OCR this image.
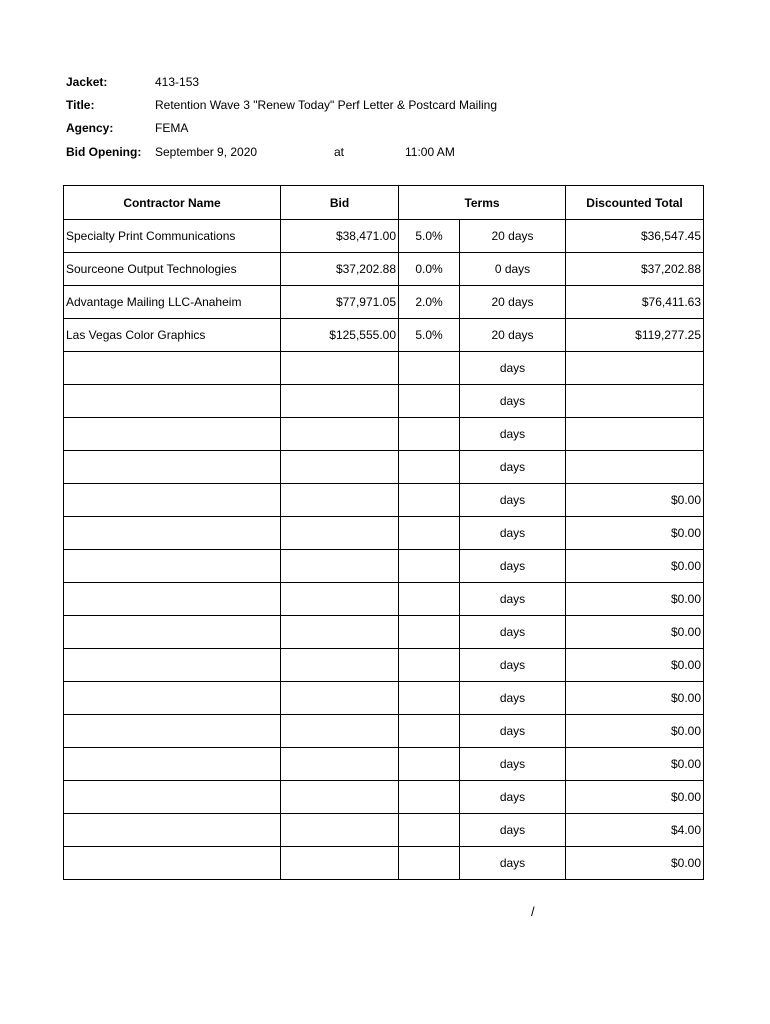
Jacket:	413-153
Title:	Retention Wave 3 "Renew Today" Perf Letter & Postcard Mailing
Agency:	FEMA
Bid Opening: September 9, 2020	at	11:00 AM
Contractor Name	Bid	Terms		Discounted Total
Specialty Print Communications	$38,471.00	5.0%	20 days	$36,547.45
Sourceone Output Technologies	$37,202.88	0.0%	0 days	$37,202.88
Advantage Mailing LLC-Anaheim	$77,971.05	2.0%	20 days	$76,411.63
Las Vegas Color Graphics	$125,555.00	5.0%	20 days	$119,277.25
			days	
			days	
			days	
			days	
			days	$0.00
			days	$0.00
			days	$0.00
			days	$0.00
			days	$0.00
			days	$0.00
			days	$0.00
			days	$0.00
			days	$0.00
			days	$0.00
			days	$4.00
			days	$0.00
/
